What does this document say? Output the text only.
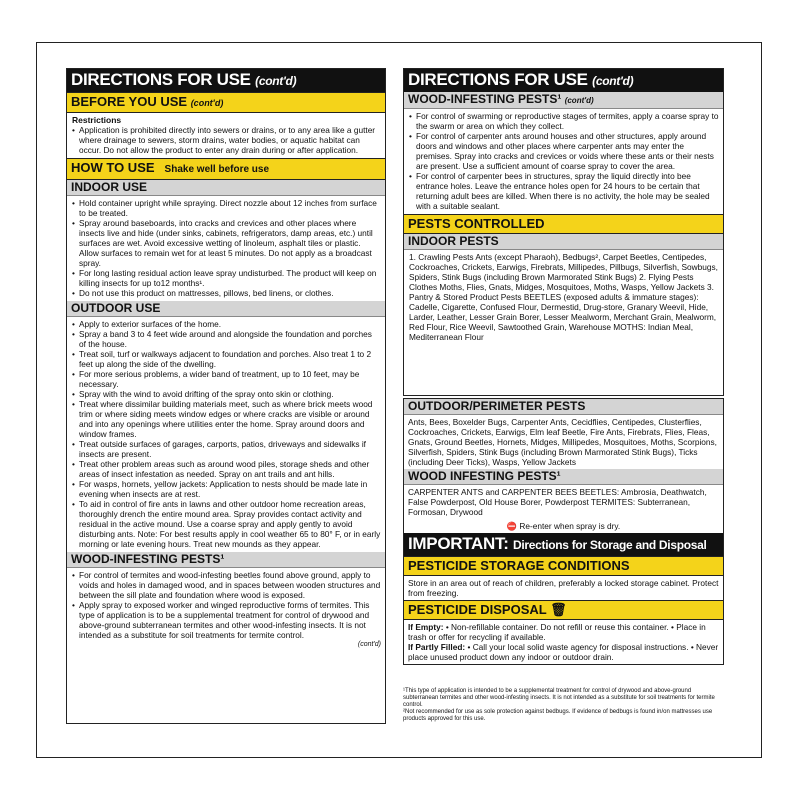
DIRECTIONS FOR USE (cont'd)
BEFORE YOU USE (cont'd)
Restrictions
• Application is prohibited directly into sewers or drains, or to any area like a gutter where drainage to sewers, storm drains, water bodies, or aquatic habitat can occur. Do not allow the product to enter any drain during or after application.
HOW TO USE Shake well before use
INDOOR USE
• Hold container upright while spraying. Direct nozzle about 12 inches from surface to be treated.
• Spray around baseboards, into cracks and crevices and other places where insects live and hide (under sinks, cabinets, refrigerators, damp areas, etc.) until surfaces are wet. Avoid excessive wetting of linoleum, asphalt tiles or plastic. Allow surfaces to remain wet for at least 5 minutes. Do not apply as a broadcast spray.
• For long lasting residual action leave spray undisturbed. The product will keep on killing insects for up to12 months¹.
• Do not use this product on mattresses, pillows, bed linens, or clothes.
OUTDOOR USE
• Apply to exterior surfaces of the home.
• Spray a band 3 to 4 feet wide around and alongside the foundation and porches of the house.
• Treat soil, turf or walkways adjacent to foundation and porches. Also treat 1 to 2 feet up along the side of the dwelling.
• For more serious problems, a wider band of treatment, up to 10 feet, may be necessary.
• Spray with the wind to avoid drifting of the spray onto skin or clothing.
• Treat where dissimilar building materials meet, such as where brick meets wood trim or where siding meets window edges or where cracks are visible or around and into any openings where utilities enter the home. Spray around doors and window frames.
• Treat outside surfaces of garages, carports, patios, driveways and sidewalks if insects are present.
• Treat other problem areas such as around wood piles, storage sheds and other areas of insect infestation as needed. Spray on ant trails and ant hills.
• For wasps, hornets, yellow jackets: Application to nests should be made late in evening when insects are at rest.
• To aid in control of fire ants in lawns and other outdoor home recreation areas, thoroughly drench the entire mound area. Spray provides contact activity and residual in the active mound. Use a coarse spray and apply gently to avoid disturbing ants. Note: For best results apply in cool weather 65 to 80° F, or in early morning or late evening hours. Treat new mounds as they appear.
WOOD-INFESTING PESTS¹
• For control of termites and wood-infesting beetles found above ground, apply to voids and holes in damaged wood, and in spaces between wooden structures and between the sill plate and foundation where wood is exposed.
• Apply spray to exposed worker and winged reproductive forms of termites. This type of application is to be a supplemental treatment for control of drywood and above-ground subterranean termites and other wood-infesting insects. It is not intended as a substitute for soil treatments for termite control.
(cont'd)
DIRECTIONS FOR USE (cont'd)
WOOD-INFESTING PESTS¹ (cont'd)
• For control of swarming or reproductive stages of termites, apply a coarse spray to the swarm or area on which they collect.
• For control of carpenter ants around houses and other structures, apply around doors and windows and other places where carpenter ants may enter the premises. Spray into cracks and crevices or voids where these ants or their nests are present. Use a sufficient amount of coarse spray to cover the area.
• For control of carpenter bees in structures, spray the liquid directly into bee entrance holes. Leave the entrance holes open for 24 hours to be certain that returning adult bees are killed. When there is no activity, the hole may be sealed with a suitable sealant.
PESTS CONTROLLED
INDOOR PESTS
1. Crawling Pests Ants (except Pharaoh), Bedbugs², Carpet Beetles, Centipedes, Cockroaches, Crickets, Earwigs, Firebrats, Millipedes, Pillbugs, Silverfish, Sowbugs, Spiders, Stink Bugs (including Brown Marmorated Stink Bugs) 2. Flying Pests Clothes Moths, Flies, Gnats, Midges, Mosquitoes, Moths, Wasps, Yellow Jackets 3. Pantry & Stored Product Pests BEETLES (exposed adults & immature stages): Cadelle, Cigarette, Confused Flour, Dermestid, Drug-store, Granary Weevil, Hide, Larder, Leather, Lesser Grain Borer, Lesser Mealworm, Merchant Grain, Mealworm, Red Flour, Rice Weevil, Sawtoothed Grain, Warehouse MOTHS: Indian Meal, Mediterranean Flour
OUTDOOR/PERIMETER PESTS
Ants, Bees, Boxelder Bugs, Carpenter Ants, Cecidflies, Centipedes, Clusterflies, Cockroaches, Crickets, Earwigs, Elm leaf Beetle, Fire Ants, Firebrats, Flies, Fleas, Gnats, Ground Beetles, Hornets, Midges, Millipedes, Mosquitoes, Moths, Scorpions, Silverfish, Spiders, Stink Bugs (including Brown Marmorated Stink Bugs), Ticks (including Deer Ticks), Wasps, Yellow Jackets
WOOD INFESTING PESTS¹
CARPENTER ANTS and CARPENTER BEES BEETLES: Ambrosia, Deathwatch, False Powderpost, Old House Borer, Powderpost TERMITES: Subterranean, Formosan, Drywood
⛔ Re-enter when spray is dry.
IMPORTANT: Directions for Storage and Disposal
PESTICIDE STORAGE CONDITIONS
Store in an area out of reach of children, preferably a locked storage cabinet. Protect from freezing.
PESTICIDE DISPOSAL 🗑
If Empty: • Non-refillable container. Do not refill or reuse this container. • Place in trash or offer for recycling if available.
If Partly Filled: • Call your local solid waste agency for disposal instructions. • Never place unused product down any indoor or outdoor drain.
¹This type of application is intended to be a supplemental treatment for control of drywood and above-ground subterranean termites and other wood-infesting insects. It is not intended as a substitute for soil treatments for termite control.
²Not recommended for use as sole protection against bedbugs. If evidence of bedbugs is found in/on mattresses use products approved for this use.
